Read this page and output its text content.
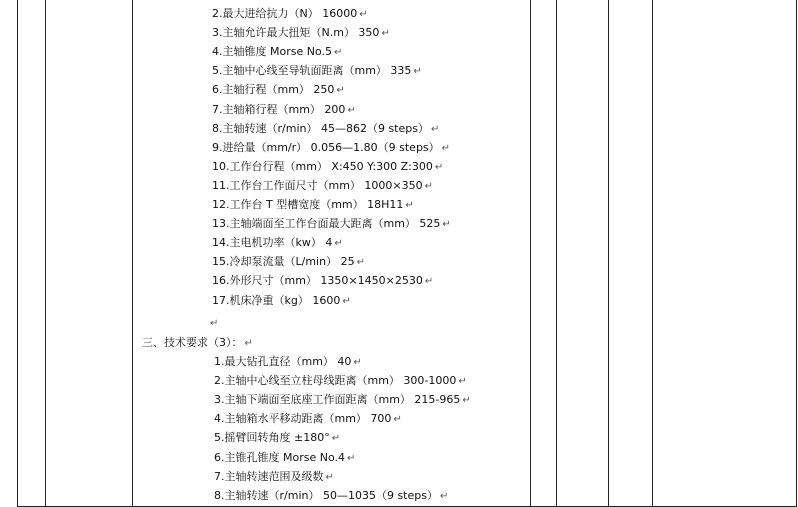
2.最大进给抗力（N） 16000 ↵
3.主轴允许最大扭矩（N.m） 350 ↵
4.主轴锥度 Morse No.5 ↵
5.主轴中心线至导轨面距离（mm） 335 ↵
6.主轴行程（mm） 250 ↵
7.主轴箱行程（mm） 200 ↵
8.主轴转速（r/min） 45—862（9 steps） ↵
9.进给量（mm/r） 0.056—1.80（9 steps） ↵
10.工作台行程（mm） X:450 Y:300 Z:300 ↵
11.工作台工作面尺寸（mm） 1000×350 ↵
12.工作台 T 型槽宽度（mm） 18H11 ↵
13.主轴端面至工作台面最大距离（mm） 525 ↵
14.主电机功率（kw） 4 ↵
15.冷却泵流量（L/min） 25 ↵
16.外形尺寸（mm） 1350×1450×2530 ↵
17.机床净重（kg） 1600 ↵
↵
三、技术要求（3）： ↵
1.最大钻孔直径（mm） 40 ↵
2.主轴中心线至立柱母线距离（mm） 300-1000 ↵
3.主轴下端面至底座工作面距离（mm） 215-965 ↵
4.主轴箱水平移动距离（mm） 700 ↵
5.摇臂回转角度 ±180° ↵
6.主锥孔锥度 Morse No.4 ↵
7.主轴转速范围及级数 ↵
8.主轴转速（r/min） 50—1035（9 steps） ↵
